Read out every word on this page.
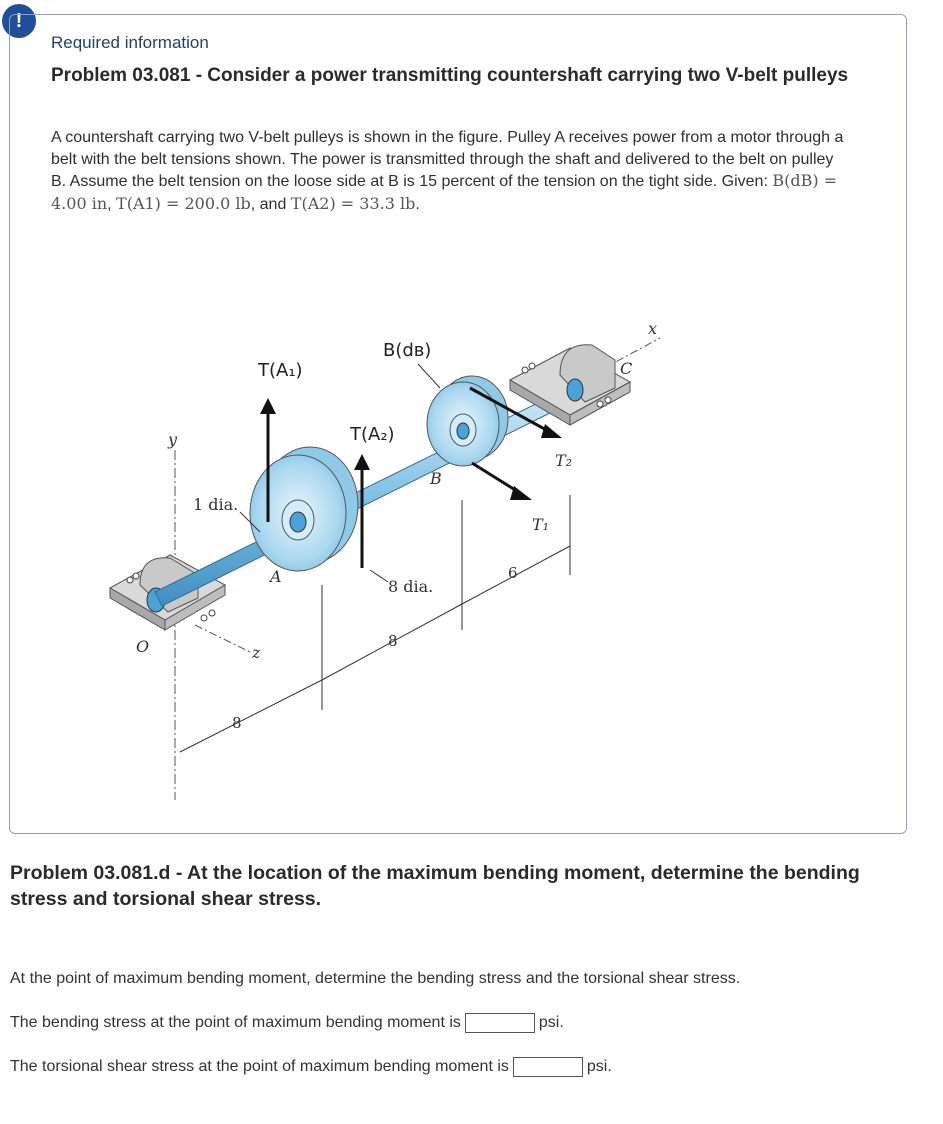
!
Required information
Problem 03.081 - Consider a power transmitting countershaft carrying two V-belt pulleys
A countershaft carrying two V-belt pulleys is shown in the figure. Pulley A receives power from a motor through a belt with the belt tensions shown. The power is transmitted through the shaft and delivered to the belt on pulley B. Assume the belt tension on the loose side at B is 15 percent of the tension on the tight side. Given: B(dB) = 4.00 in, T(A1) = 200.0 lb, and T(A2) = 33.3 lb.
y
O	z
x
A
B
C
T(A₁)
T(A₂)
B(dʙ)
T₂
T₁
1 dia.
8 dia.
8
8
6
Problem 03.081.d - At the location of the maximum bending moment, determine the bending stress and torsional shear stress.
At the point of maximum bending moment, determine the bending stress and the torsional shear stress.
The bending stress at the point of maximum bending moment is	psi.
The torsional shear stress at the point of maximum bending moment is	psi.
